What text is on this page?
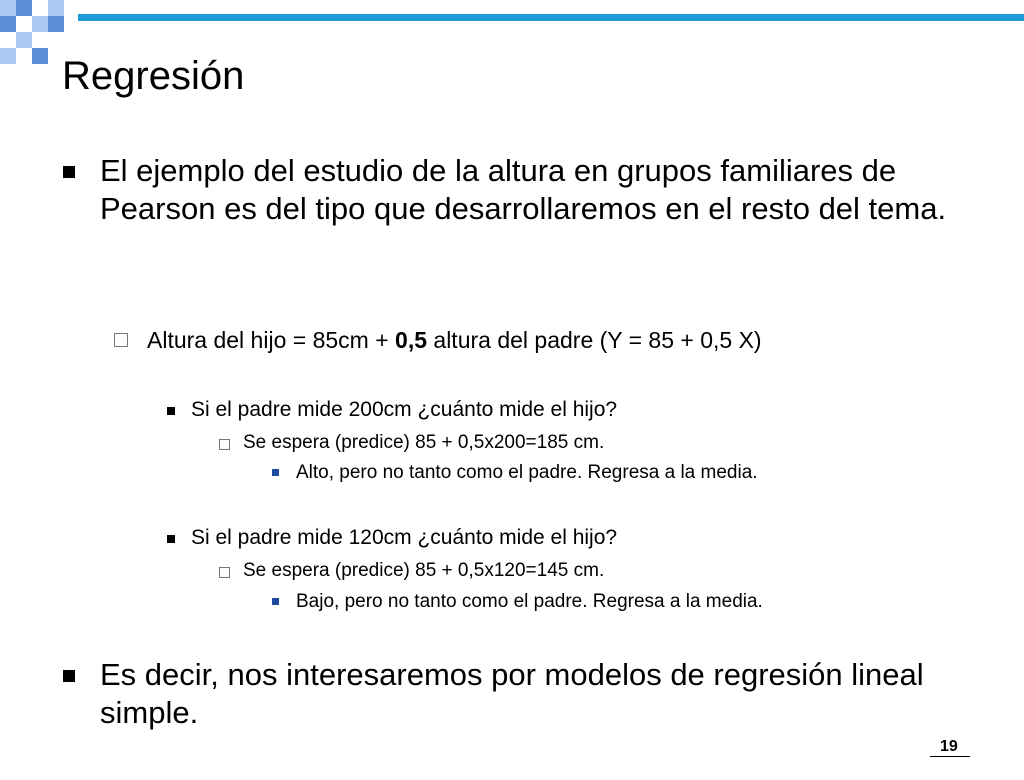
Regresión
El ejemplo del estudio de la altura en grupos familiares de Pearson es del tipo que desarrollaremos en el resto del tema.
Altura del hijo = 85cm + 0,5 altura del padre (Y = 85 + 0,5 X)
Si el padre mide 200cm ¿cuánto mide el hijo?
Se espera (predice) 85 + 0,5x200=185 cm.
Alto, pero no tanto como el padre. Regresa a la media.
Si el padre mide 120cm ¿cuánto mide el hijo?
Se espera (predice) 85 + 0,5x120=145 cm.
Bajo, pero no tanto como el padre. Regresa a la media.
Es decir, nos interesaremos por modelos de regresión lineal simple.
19
